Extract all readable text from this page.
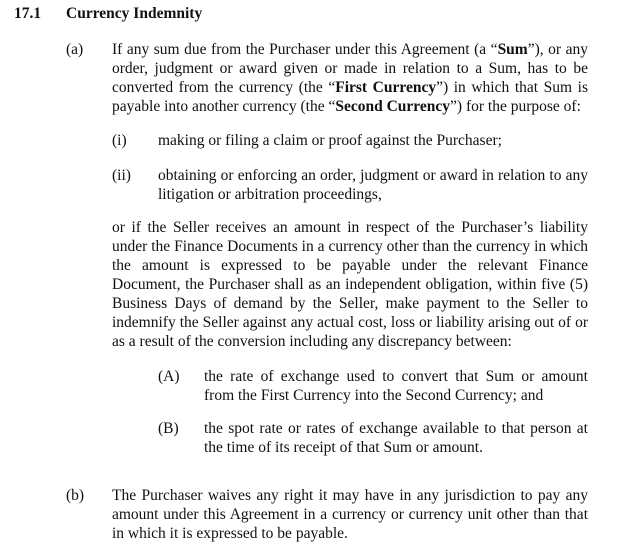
17.1 Currency Indemnity
(a) If any sum due from the Purchaser under this Agreement (a “Sum”), or any order, judgment or award given or made in relation to a Sum, has to be converted from the currency (the “First Currency”) in which that Sum is payable into another currency (the “Second Currency”) for the purpose of:
(i) making or filing a claim or proof against the Purchaser;
(ii) obtaining or enforcing an order, judgment or award in relation to any litigation or arbitration proceedings,
or if the Seller receives an amount in respect of the Purchaser’s liability under the Finance Documents in a currency other than the currency in which the amount is expressed to be payable under the relevant Finance Document, the Purchaser shall as an independent obligation, within five (5) Business Days of demand by the Seller, make payment to the Seller to indemnify the Seller against any actual cost, loss or liability arising out of or as a result of the conversion including any discrepancy between:
(A) the rate of exchange used to convert that Sum or amount from the First Currency into the Second Currency; and
(B) the spot rate or rates of exchange available to that person at the time of its receipt of that Sum or amount.
(b) The Purchaser waives any right it may have in any jurisdiction to pay any amount under this Agreement in a currency or currency unit other than that in which it is expressed to be payable.
